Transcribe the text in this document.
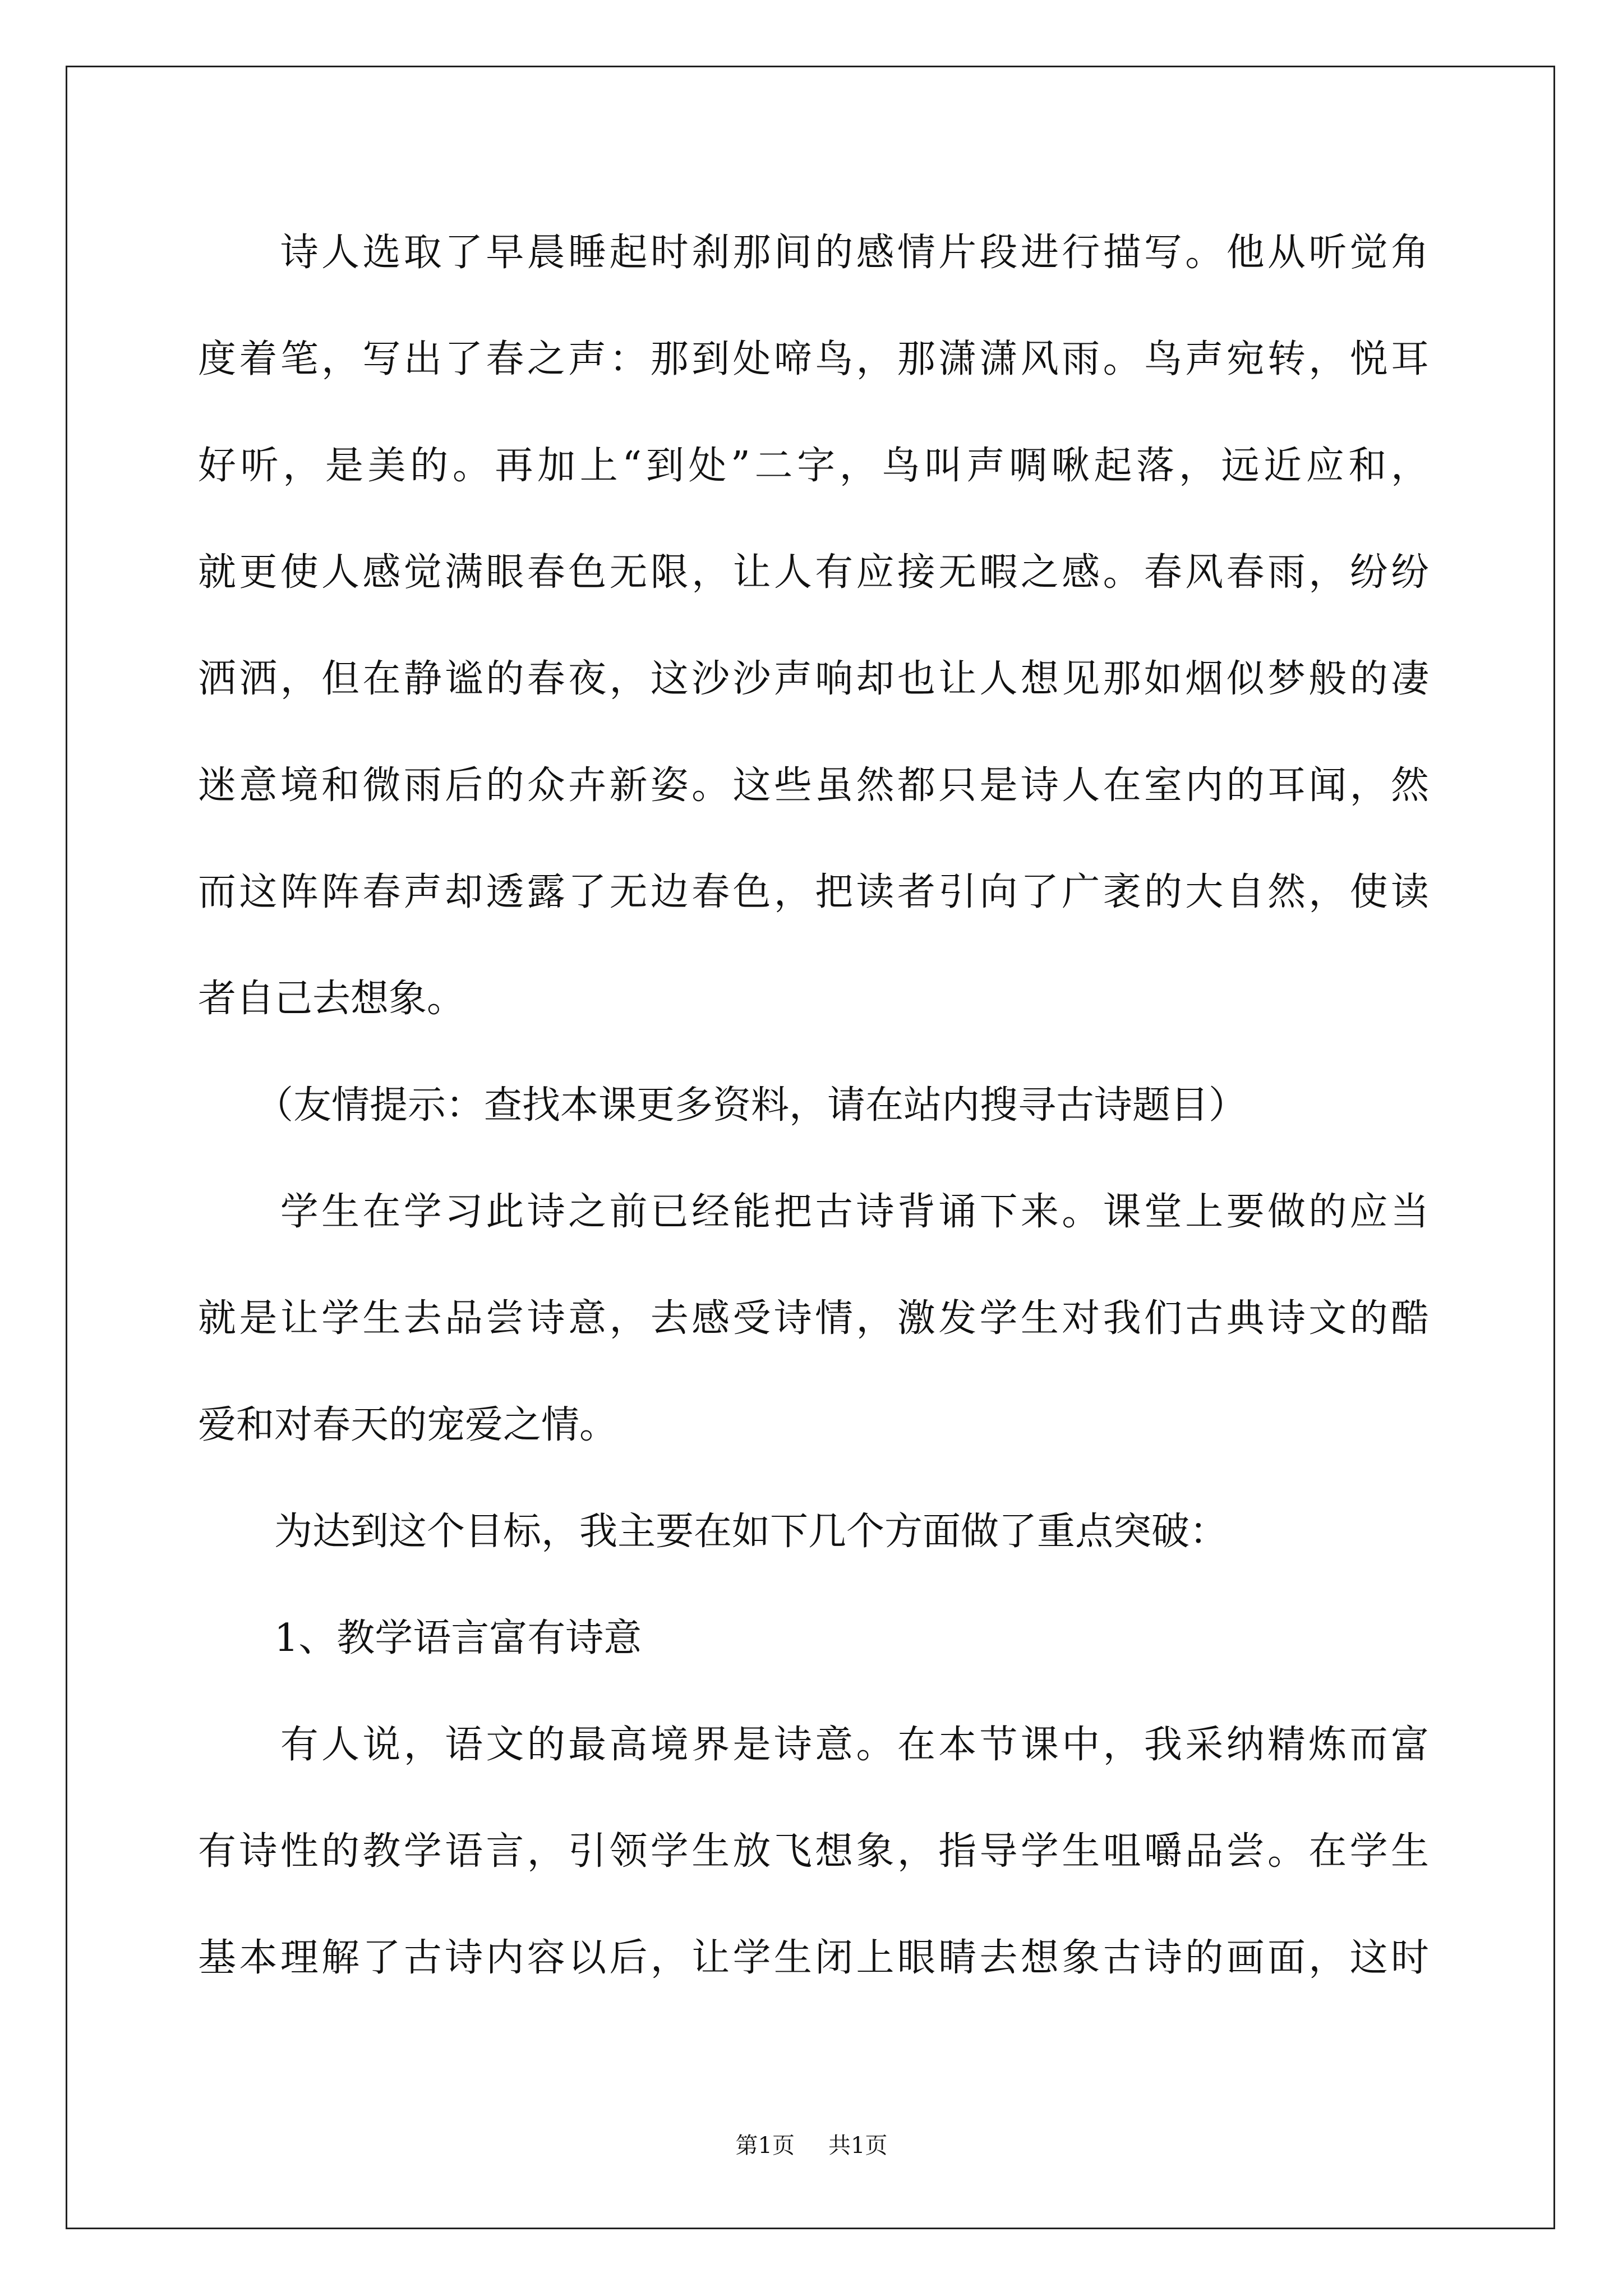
　　诗人选取了早晨睡起时刹那间的感情片段进行描写。他从听觉角
度着笔，写出了春之声：那到处啼鸟，那潇潇风雨。鸟声宛转，悦耳
好听，是美的。再加上“到处”二字，鸟叫声啁啾起落，远近应和，
就更使人感觉满眼春色无限，让人有应接无暇之感。春风春雨，纷纷
洒洒，但在静谧的春夜，这沙沙声响却也让人想见那如烟似梦般的凄
迷意境和微雨后的众卉新姿。这些虽然都只是诗人在室内的耳闻，然
而这阵阵春声却透露了无边春色，把读者引向了广袤的大自然，使读
者自己去想象。
　　（友情提示：查找本课更多资料，请在站内搜寻古诗题目）
　　学生在学习此诗之前已经能把古诗背诵下来。课堂上要做的应当
就是让学生去品尝诗意，去感受诗情，激发学生对我们古典诗文的酷
爱和对春天的宠爱之情。
　　为达到这个目标，我主要在如下几个方面做了重点突破：
　　1、教学语言富有诗意
　　有人说，语文的最高境界是诗意。在本节课中，我采纳精炼而富
有诗性的教学语言，引领学生放飞想象，指导学生咀嚼品尝。在学生
基本理解了古诗内容以后，让学生闭上眼睛去想象古诗的画面，这时
第1页 共1页
